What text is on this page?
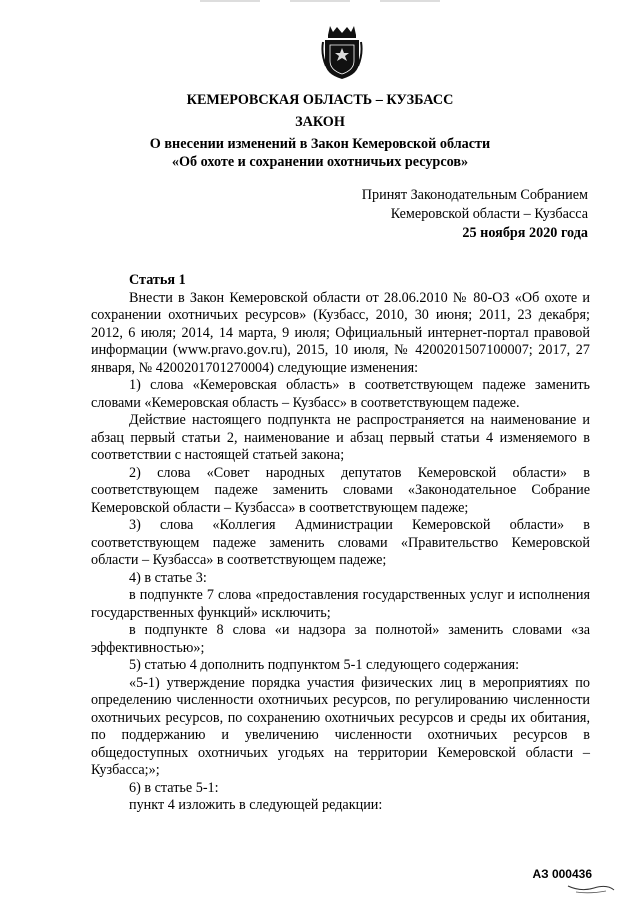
КЕМЕРОВСКАЯ ОБЛАСТЬ – КУЗБАСС
ЗАКОН
О внесении изменений в Закон Кемеровской области
«Об охоте и сохранении охотничьих ресурсов»
Принят Законодательным Собранием
Кемеровской области – Кузбасса
25 ноября 2020 года

Статья 1

Внести в Закон Кемеровской области от 28.06.2010 № 80-ОЗ «Об охоте и сохранении охотничьих ресурсов» (Кузбасс, 2010, 30 июня; 2011, 23 декабря; 2012, 6 июля; 2014, 14 марта, 9 июля; Официальный интернет-портал правовой информации (www.pravo.gov.ru), 2015, 10 июля, № 4200201507100007; 2017, 27 января, № 4200201701270004) следующие изменения:

1) слова «Кемеровская область» в соответствующем падеже заменить словами «Кемеровская область – Кузбасс» в соответствующем падеже.

Действие настоящего подпункта не распространяется на наименование и абзац первый статьи 2, наименование и абзац первый статьи 4 изменяемого в соответствии с настоящей статьей закона;

2) слова «Совет народных депутатов Кемеровской области» в соответствующем падеже заменить словами «Законодательное Собрание Кемеровской области – Кузбасса» в соответствующем падеже;

3) слова «Коллегия Администрации Кемеровской области» в соответствующем падеже заменить словами «Правительство Кемеровской области – Кузбасса» в соответствующем падеже;

4) в статье 3:

в подпункте 7 слова «предоставления государственных услуг и исполнения государственных функций» исключить;

в подпункте 8 слова «и надзора за полнотой» заменить словами «за эффективностью»;

5) статью 4 дополнить подпунктом 5-1 следующего содержания:

«5-1) утверждение порядка участия физических лиц в мероприятиях по определению численности охотничьих ресурсов, по регулированию численности охотничьих ресурсов, по сохранению охотничьих ресурсов и среды их обитания, по поддержанию и увеличению численности охотничьих ресурсов в общедоступных охотничьих угодьях на территории Кемеровской области – Кузбасса;»;

6) в статье 5-1:

пункт 4 изложить в следующей редакции:

АЗ 000436
